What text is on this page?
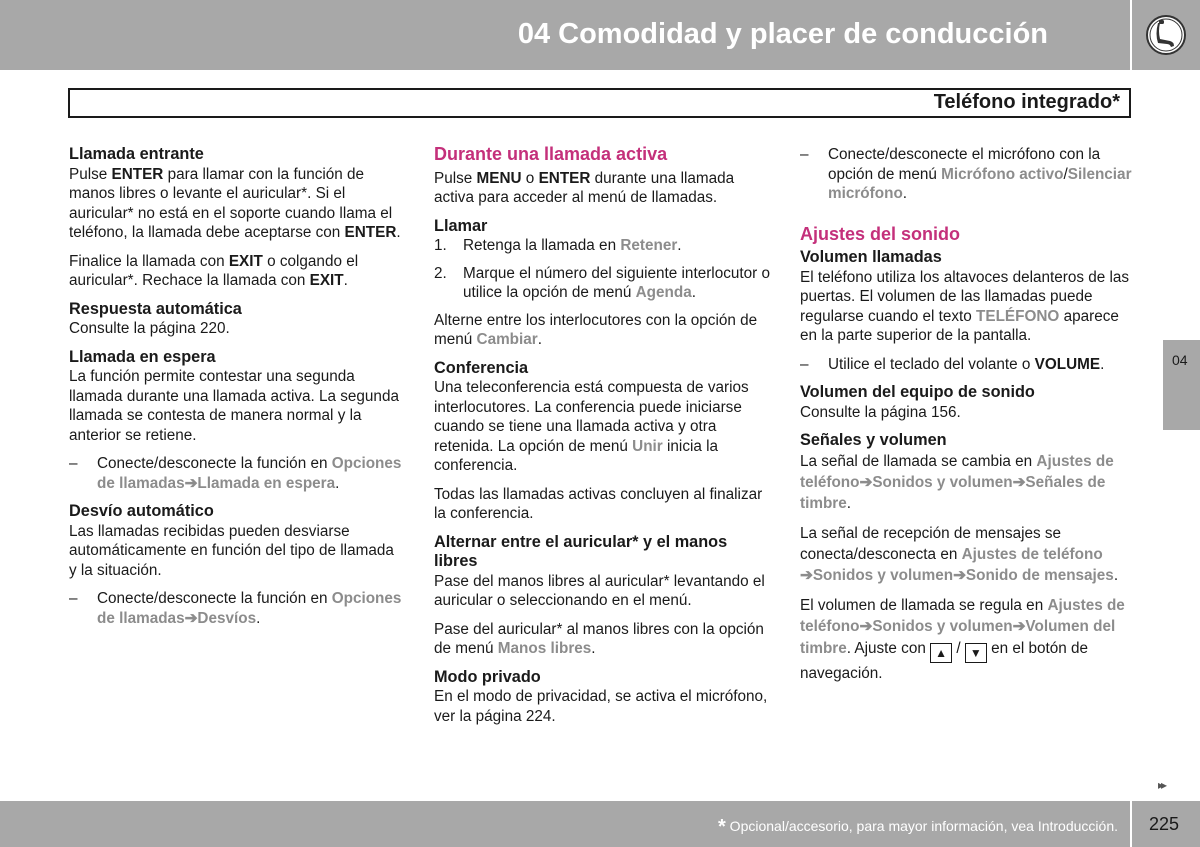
04 Comodidad y placer de conducción
Teléfono integrado*
Llamada entrante

Pulse ENTER para llamar con la función de manos libres o levante el auricular*. Si el auricular* no está en el soporte cuando llama el teléfono, la llamada debe aceptarse con ENTER.

Finalice la llamada con EXIT o colgando el auricular*. Rechace la llamada con EXIT.

Respuesta automática

Consulte la página 220.

Llamada en espera

La función permite contestar una segunda llamada durante una llamada activa. La segunda llamada se contesta de manera normal y la anterior se retiene.

–	Conecte/desconecte la función en Opciones de llamadas➔Llamada en espera.
Desvío automático

Las llamadas recibidas pueden desviarse automáticamente en función del tipo de llamada y la situación.

–	Conecte/desconecte la función en Opciones de llamadas➔Desvíos.
Durante una llamada activa

Pulse MENU o ENTER durante una llamada activa para acceder al menú de llamadas.

Llamar
1.	Retenga la llamada en Retener.
2.	Marque el número del siguiente interlocutor o utilice la opción de menú Agenda.

Alterne entre los interlocutores con la opción de menú Cambiar.

Conferencia

Una teleconferencia está compuesta de varios interlocutores. La conferencia puede iniciarse cuando se tiene una llamada activa y otra retenida. La opción de menú Unir inicia la conferencia.

Todas las llamadas activas concluyen al finalizar la conferencia.

Alternar entre el auricular* y el manos libres

Pase del manos libres al auricular* levantando el auricular o seleccionando en el menú.

Pase del auricular* al manos libres con la opción de menú Manos libres.

Modo privado

En el modo de privacidad, se activa el micrófono, ver la página 224.

–	Conecte/desconecte el micrófono con la opción de menú Micrófono activo/Silenciar micrófono.
Ajustes del sonido
Volumen llamadas

El teléfono utiliza los altavoces delanteros de las puertas. El volumen de las llamadas puede regularse cuando el texto TELÉFONO aparece en la parte superior de la pantalla.

–	Utilice el teclado del volante o VOLUME.
Volumen del equipo de sonido

Consulte la página 156.

Señales y volumen

La señal de llamada se cambia en Ajustes de teléfono➔Sonidos y volumen➔Señales de timbre.

La señal de recepción de mensajes se conecta/desconecta en Ajustes de teléfono
➔Sonidos y volumen➔Sonido de mensajes.

El volumen de llamada se regula en Ajustes de teléfono➔Sonidos y volumen➔Volumen del timbre. Ajuste con ▲ / ▼ en el botón de navegación.

04
▸▸
* Opcional/accesorio, para mayor información, vea Introducción. 225
